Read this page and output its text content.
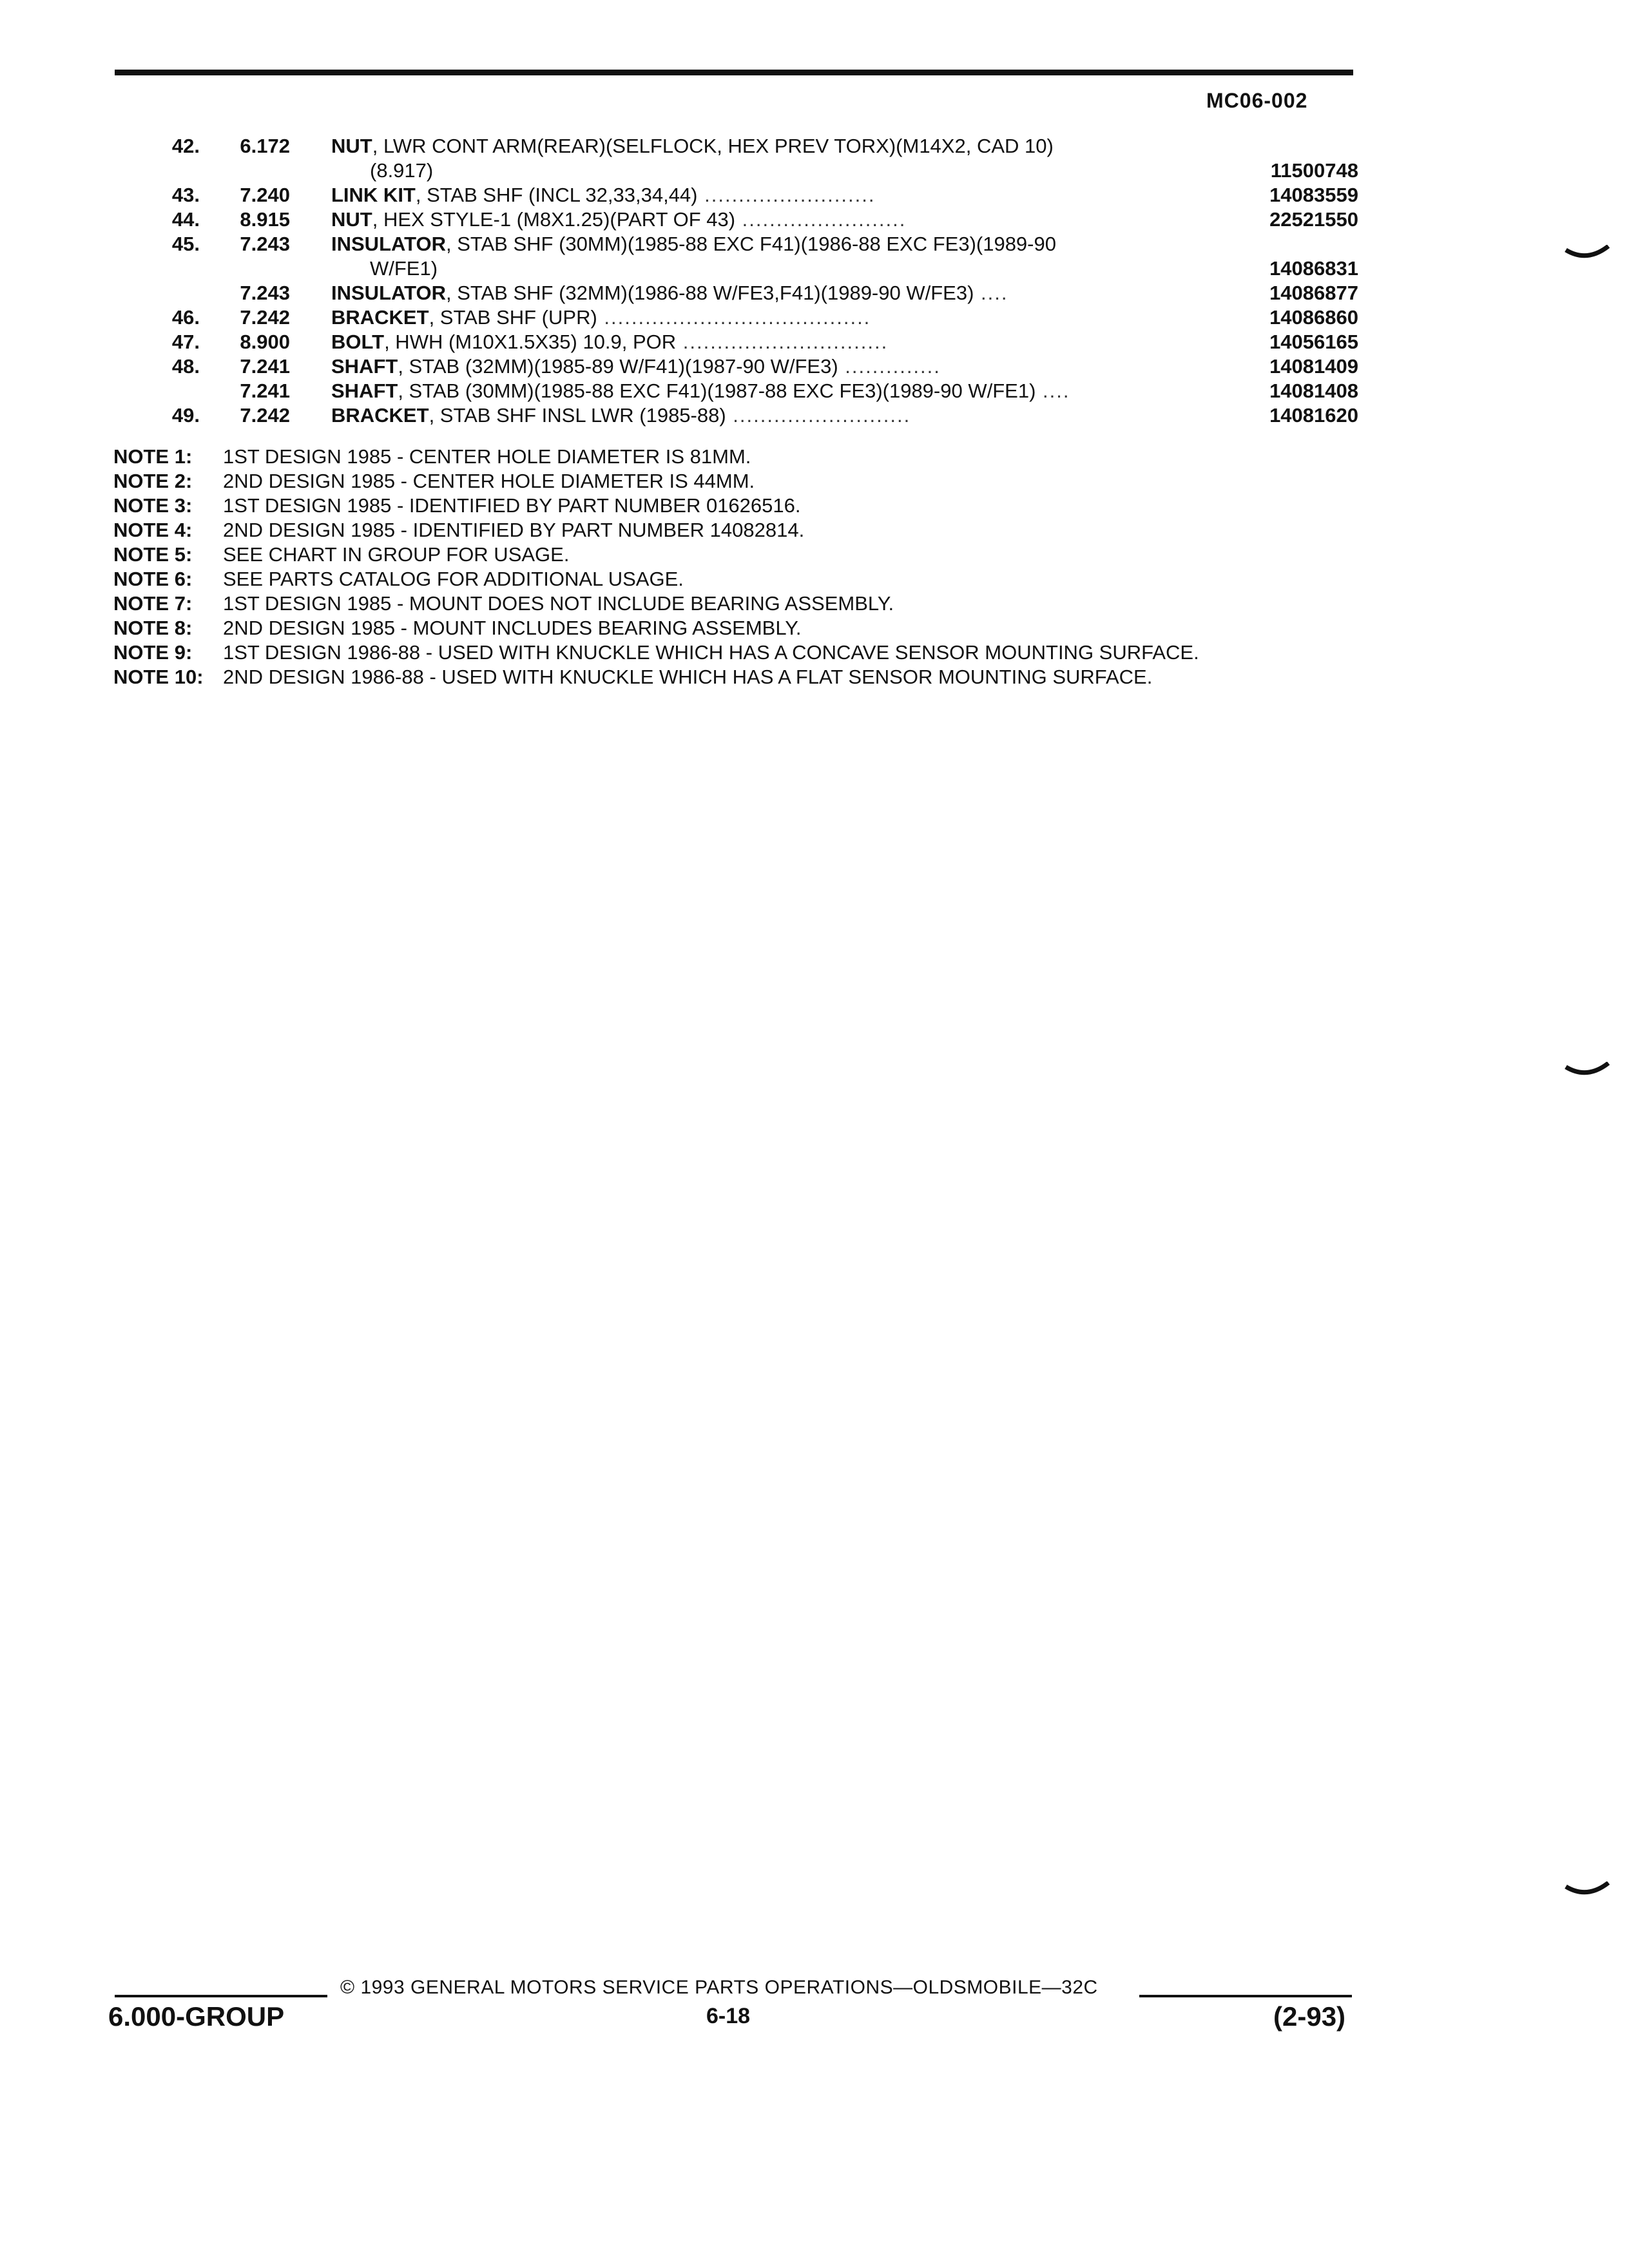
MC06-002
42.	6.172 NUT, LWR CONT ARM(REAR)(SELFLOCK, HEX PREV TORX)(M14X2, CAD 10)
(8.917)	11500748
43.	7.240 LINK KIT, STAB SHF (INCL 32,33,34,44) .........................	14083559
44.	8.915 NUT, HEX STYLE-1 (M8X1.25)(PART OF 43) ........................	22521550
45.	7.243 INSULATOR, STAB SHF (30MM)(1985-88 EXC F41)(1986-88 EXC FE3)(1989-90
W/FE1)	14086831
7.243 INSULATOR, STAB SHF (32MM)(1986-88 W/FE3,F41)(1989-90 W/FE3) ....	14086877
46.	7.242 BRACKET, STAB SHF (UPR) .......................................	14086860
47.	8.900 BOLT, HWH (M10X1.5X35) 10.9, POR ..............................	14056165
48.	7.241 SHAFT, STAB (32MM)(1985-89 W/F41)(1987-90 W/FE3) ..............	14081409
7.241 SHAFT, STAB (30MM)(1985-88 EXC F41)(1987-88 EXC FE3)(1989-90 W/FE1) ....	14081408
49.	7.242 BRACKET, STAB SHF INSL LWR (1985-88) ..........................	14081620
NOTE 1: 1ST DESIGN 1985 - CENTER HOLE DIAMETER IS 81MM.
NOTE 2: 2ND DESIGN 1985 - CENTER HOLE DIAMETER IS 44MM.
NOTE 3: 1ST DESIGN 1985 - IDENTIFIED BY PART NUMBER 01626516.
NOTE 4: 2ND DESIGN 1985 - IDENTIFIED BY PART NUMBER 14082814.
NOTE 5: SEE CHART IN GROUP FOR USAGE.
NOTE 6: SEE PARTS CATALOG FOR ADDITIONAL USAGE.
NOTE 7: 1ST DESIGN 1985 - MOUNT DOES NOT INCLUDE BEARING ASSEMBLY.
NOTE 8: 2ND DESIGN 1985 - MOUNT INCLUDES BEARING ASSEMBLY.
NOTE 9: 1ST DESIGN 1986-88 - USED WITH KNUCKLE WHICH HAS A CONCAVE SENSOR MOUNTING SURFACE.
NOTE 10: 2ND DESIGN 1986-88 - USED WITH KNUCKLE WHICH HAS A FLAT SENSOR MOUNTING SURFACE.
© 1993 GENERAL MOTORS SERVICE PARTS OPERATIONS—OLDSMOBILE—32C
6.000-GROUP	6-18	(2-93)
